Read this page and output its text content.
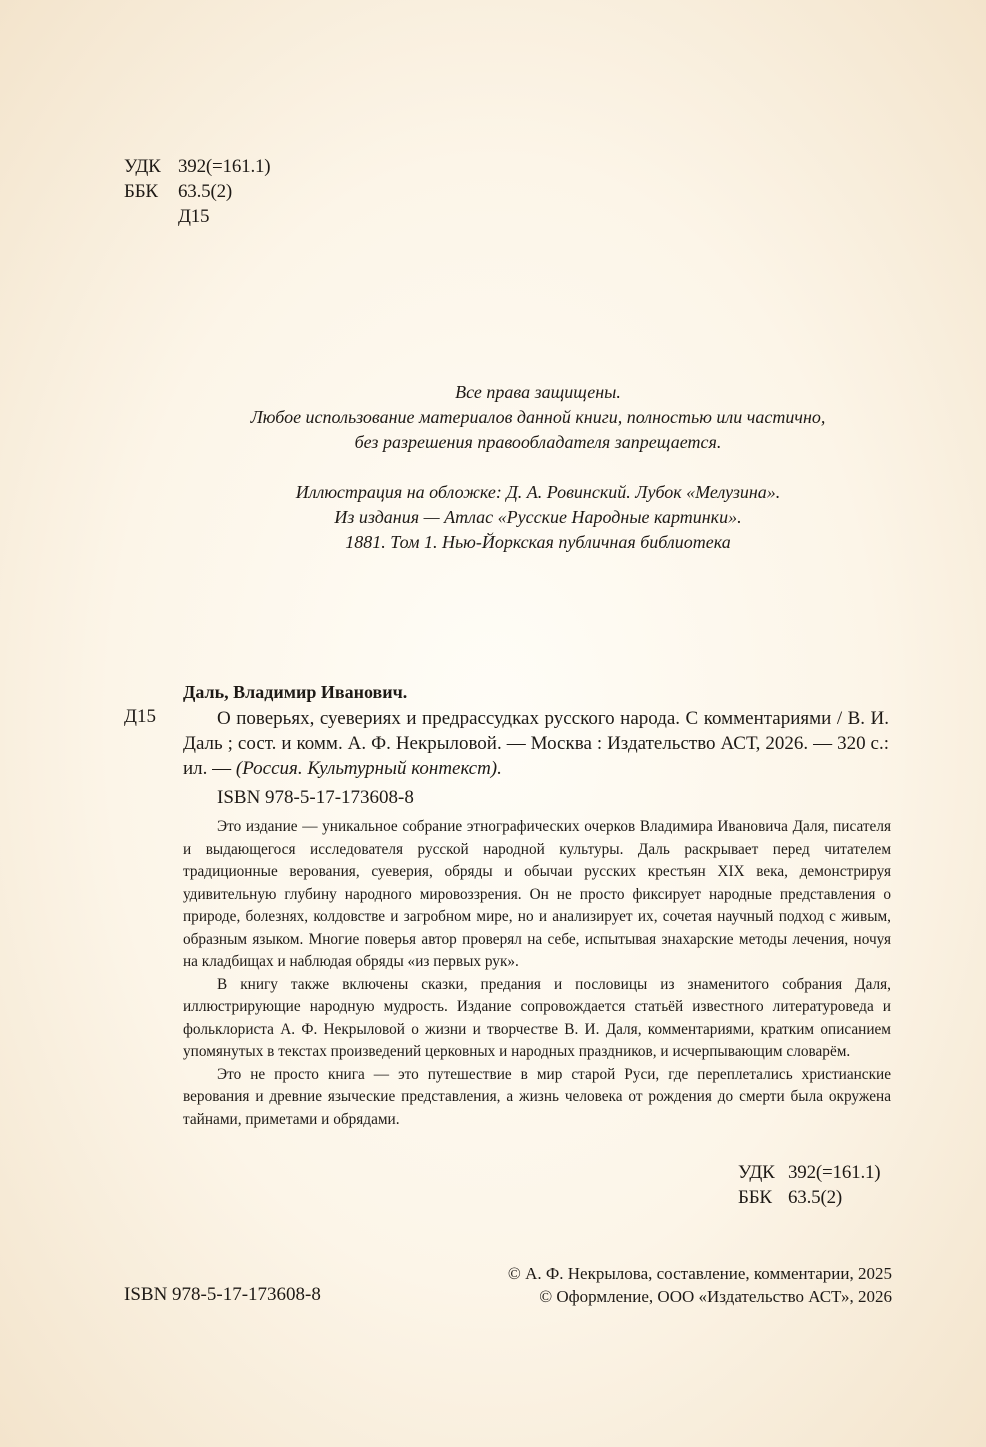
УДК 392(=161.1)
ББК	63.5(2)
Д15

Все права защищены.

Любое использование материалов данной книги, полностью или частично,

без разрешения правообладателя запрещается.

Иллюстрация на обложке: Д. А. Ровинский. Лубок «Мелузина».

Из издания — Атлас «Русские Народные картинки».

1881. Том 1. Нью-Йоркская публичная библиотека

Даль, Владимир Иванович.
Д15	О поверьях, суевериях и предрассудках русского народа. С комментариями / В. И. Даль ; сост. и комм. А. Ф. Некрыловой. — Москва : Издательство АСТ, 2026. — 320 с.: ил. — (Россия. Культурный контекст).

ISBN 978-5-17-173608-8

Это издание — уникальное собрание этнографических очерков Владимира Ивановича Даля, писателя и выдающегося исследователя русской народной культуры. Даль раскрывает перед читателем традиционные верования, суеверия, обряды и обычаи русских крестьян XIX века, демонстрируя удивительную глубину народного мировоззрения. Он не просто фиксирует народные представления о природе, болезнях, колдовстве и загробном мире, но и анализирует их, сочетая научный подход с живым, образным языком. Многие поверья автор проверял на себе, испытывая знахарские методы лечения, ночуя на кладбищах и наблюдая обряды «из первых рук».

В книгу также включены сказки, предания и пословицы из знаменитого собрания Даля, иллюстрирующие народную мудрость. Издание сопровождается статьёй известного литературоведа и фольклориста А. Ф. Некрыловой о жизни и творчестве В. И. Даля, комментариями, кратким описанием упомянутых в текстах произведений церковных и народных праздников, и исчерпывающим словарём.

Это не просто книга — это путешествие в мир старой Руси, где переплетались христианские верования и древние языческие представления, а жизнь человека от рождения до смерти была окружена тайнами, приметами и обрядами.

УДК 392(=161.1)
ББК 63.5(2)
ISBN 978-5-17-173608-8
© А. Ф. Некрылова, составление, комментарии, 2025
© Оформление, ООО «Издательство АСТ», 2026
